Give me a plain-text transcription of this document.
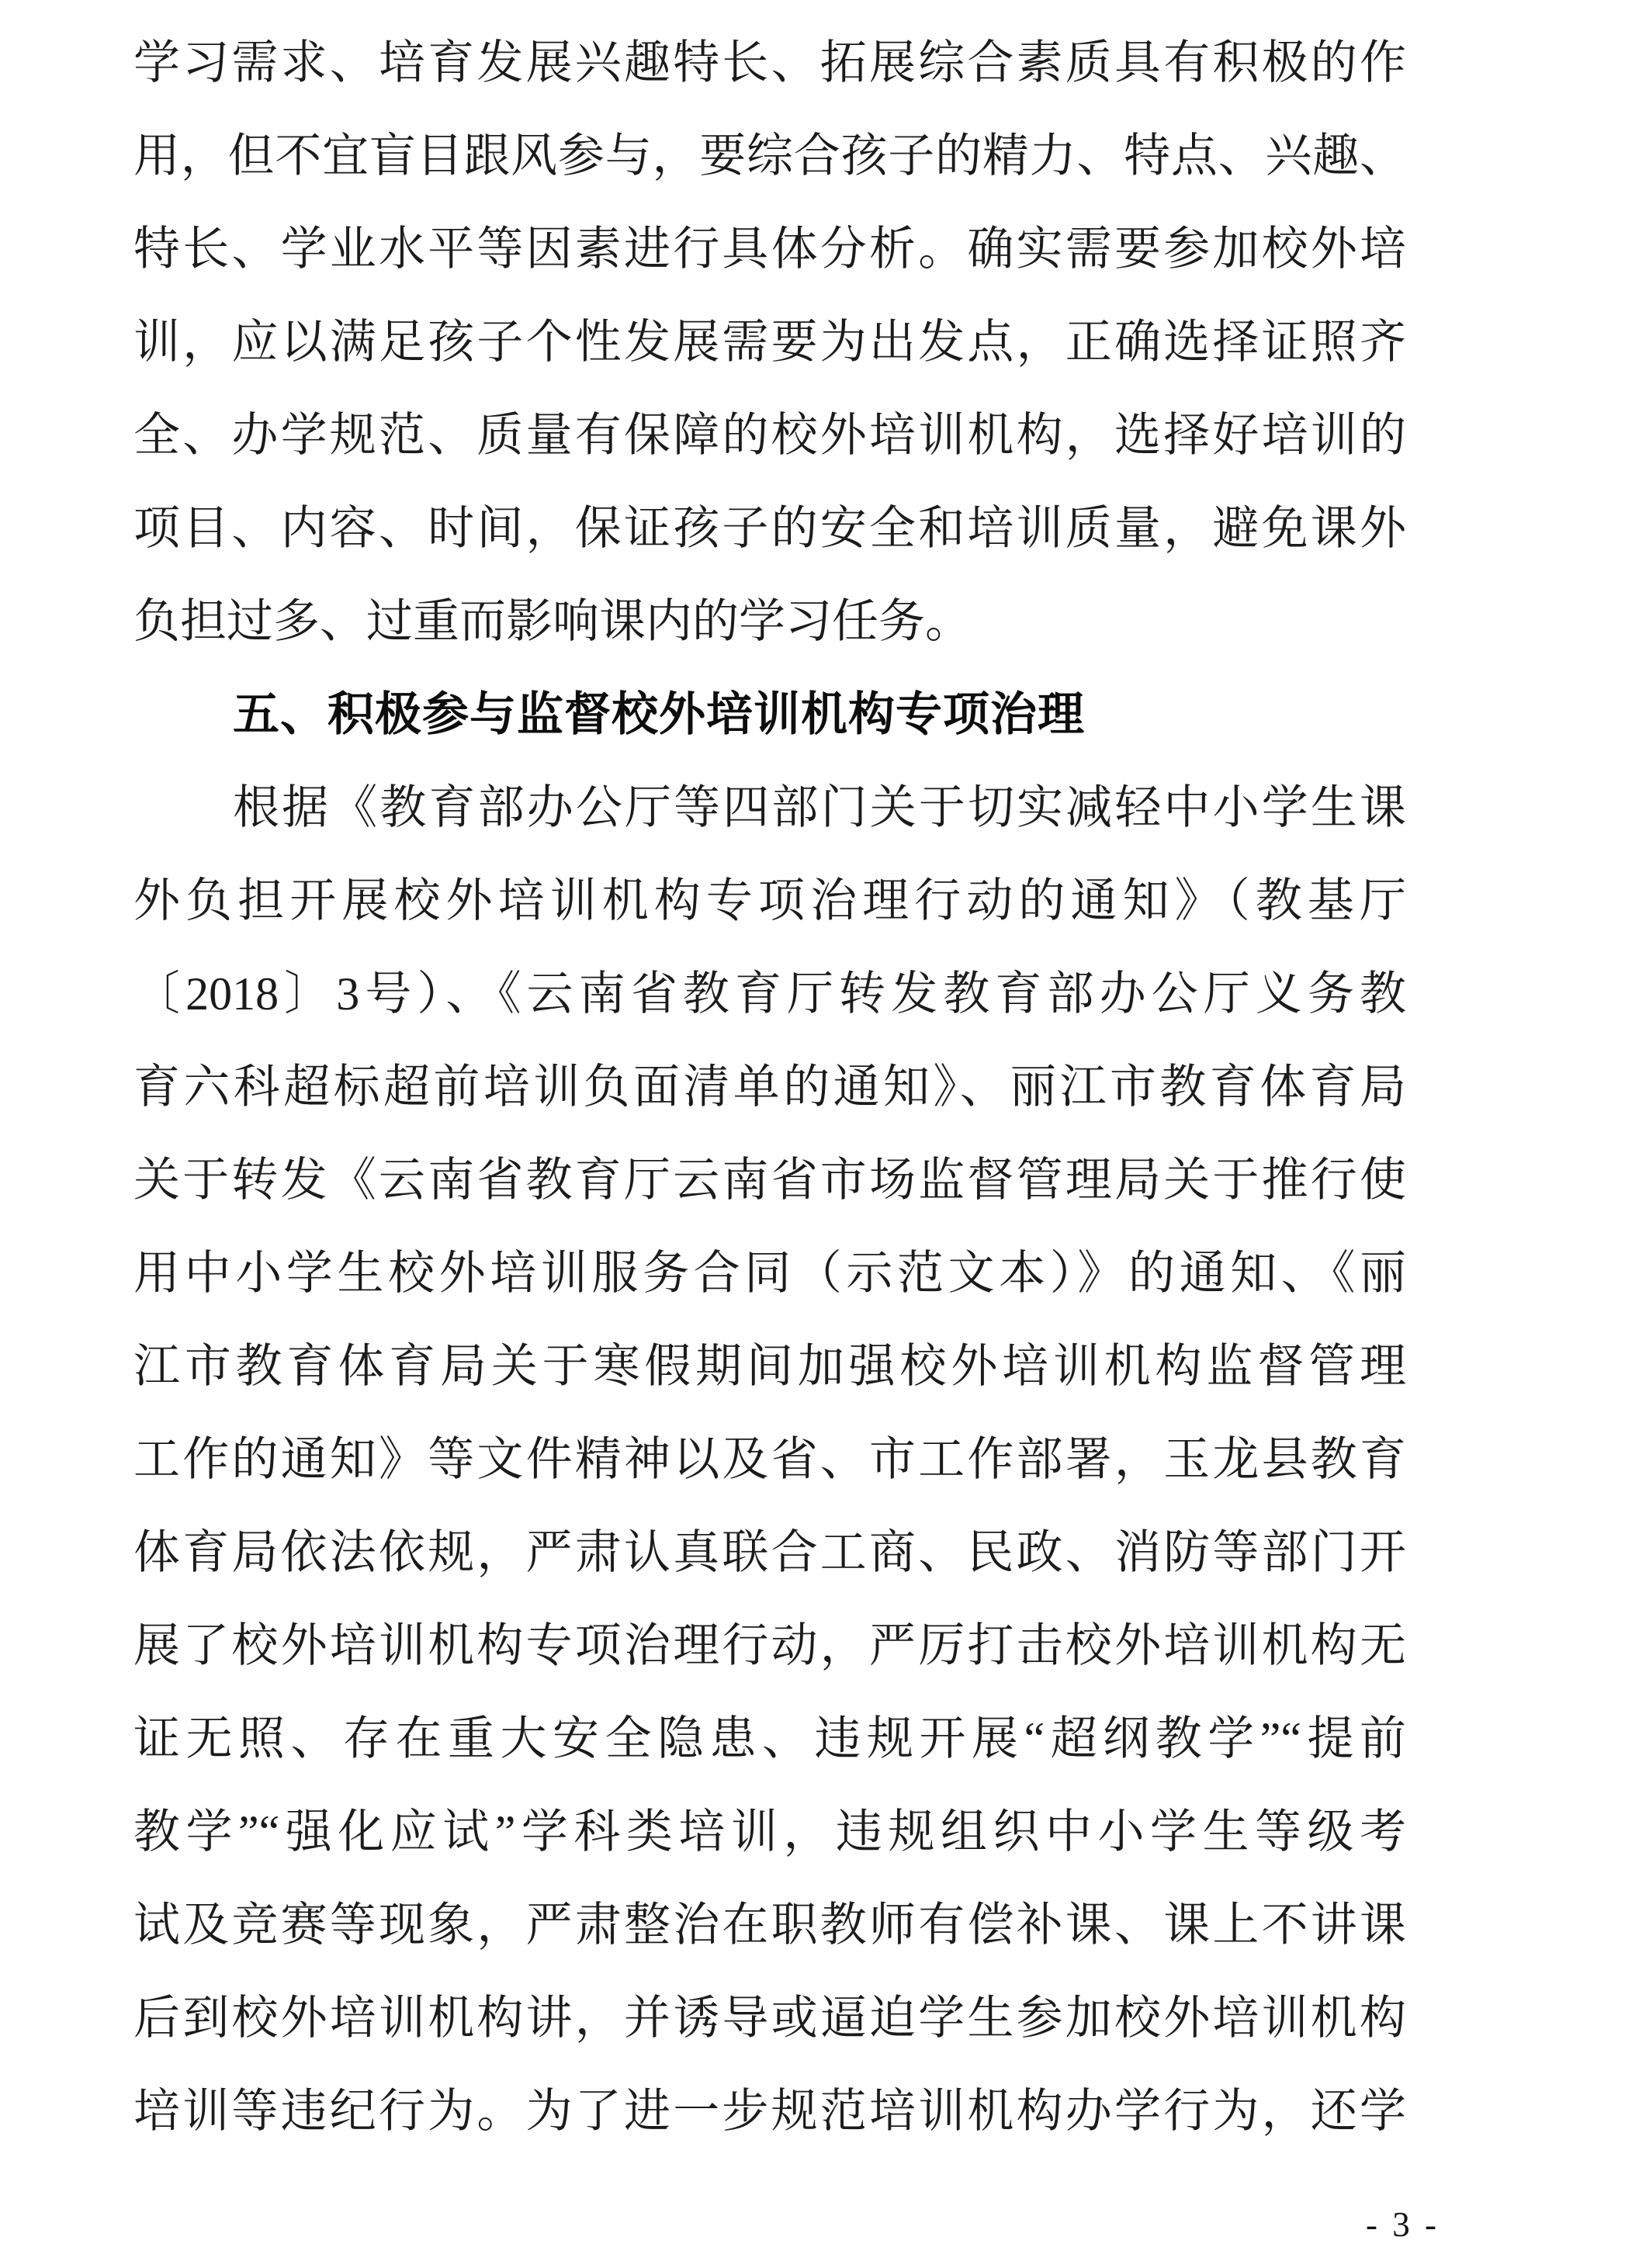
学习需求、培育发展兴趣特长、拓展综合素质具有积极的作
用，但不宜盲目跟风参与，要综合孩子的精力、特点、兴趣、
特长、学业水平等因素进行具体分析。确实需要参加校外培
训，应以满足孩子个性发展需要为出发点，正确选择证照齐
全、办学规范、质量有保障的校外培训机构，选择好培训的
项目、内容、时间，保证孩子的安全和培训质量，避免课外
负担过多、过重而影响课内的学习任务。
五、积极参与监督校外培训机构专项治理
根据《教育部办公厅等四部门关于切实减轻中小学生课
外负担开展校外培训机构专项治理行动的通知》（教基厅
〔2018〕3号）、《云南省教育厅转发教育部办公厅义务教
育六科超标超前培训负面清单的通知》、丽江市教育体育局
关于转发《云南省教育厅云南省市场监督管理局关于推行使
用中小学生校外培训服务合同（示范文本）》的通知、《丽
江市教育体育局关于寒假期间加强校外培训机构监督管理
工作的通知》等文件精神以及省、市工作部署，玉龙县教育
体育局依法依规，严肃认真联合工商、民政、消防等部门开
展了校外培训机构专项治理行动，严厉打击校外培训机构无
证无照、存在重大安全隐患、违规开展“超纲教学”“提前
教学”“强化应试”学科类培训，违规组织中小学生等级考
试及竞赛等现象，严肃整治在职教师有偿补课、课上不讲课
后到校外培训机构讲，并诱导或逼迫学生参加校外培训机构
培训等违纪行为。为了进一步规范培训机构办学行为，还学
- 3 -
